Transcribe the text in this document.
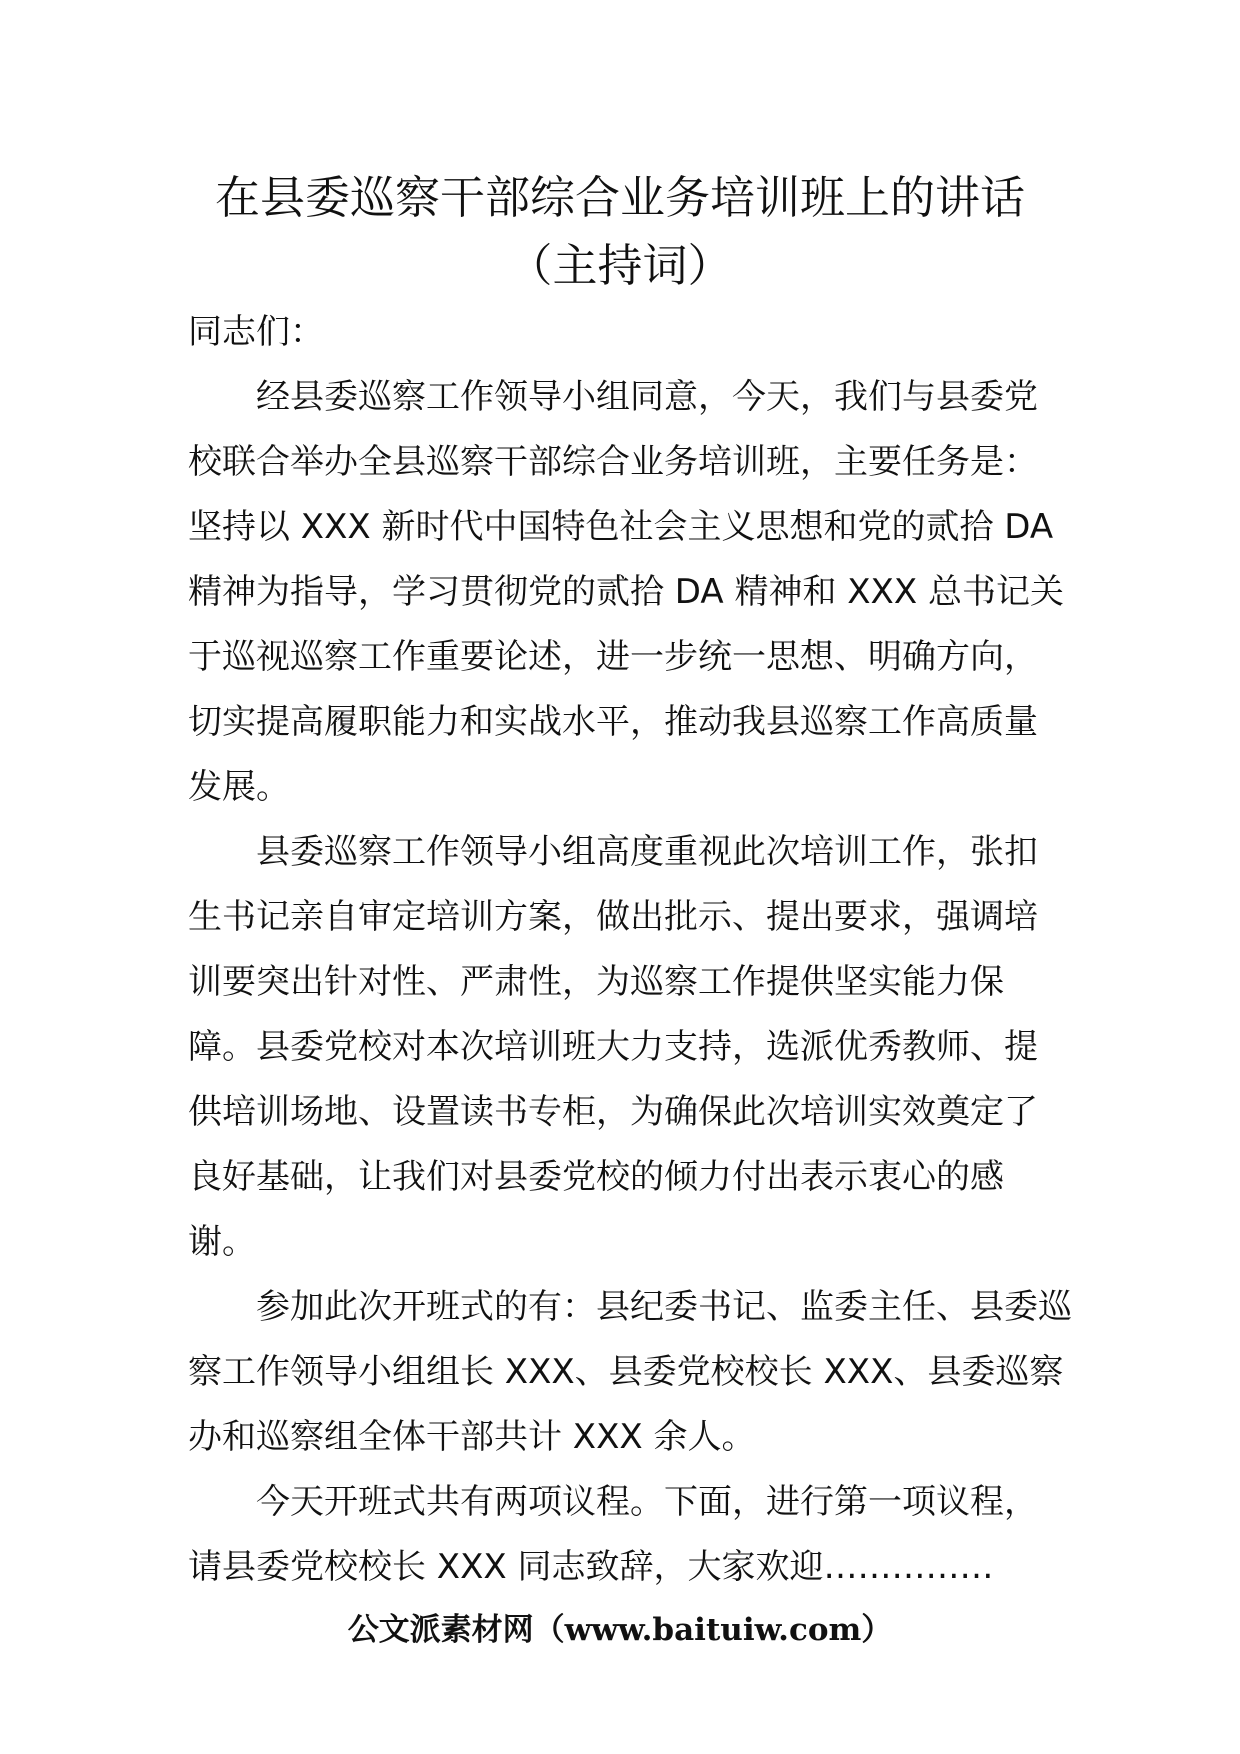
在县委巡察干部综合业务培训班上的讲话
（主持词）

同志们：

经县委巡察工作领导小组同意，今天，我们与县委党
校联合举办全县巡察干部综合业务培训班，主要任务是：
坚持以 XXX 新时代中国特色社会主义思想和党的贰拾 DA
精神为指导，学习贯彻党的贰拾 DA 精神和 XXX 总书记关
于巡视巡察工作重要论述，进一步统一思想、明确方向，
切实提高履职能力和实战水平，推动我县巡察工作高质量
发展。

县委巡察工作领导小组高度重视此次培训工作，张扣
生书记亲自审定培训方案，做出批示、提出要求，强调培
训要突出针对性、严肃性，为巡察工作提供坚实能力保
障。县委党校对本次培训班大力支持，选派优秀教师、提
供培训场地、设置读书专柜，为确保此次培训实效奠定了
良好基础，让我们对县委党校的倾力付出表示衷心的感
谢。

参加此次开班式的有：县纪委书记、监委主任、县委巡
察工作领导小组组长 XXX、县委党校校长 XXX、县委巡察
办和巡察组全体干部共计 XXX 余人。

今天开班式共有两项议程。下面，进行第一项议程，
请县委党校校长 XXX 同志致辞，大家欢迎……………

公文派素材网（www.baituiw.com）
